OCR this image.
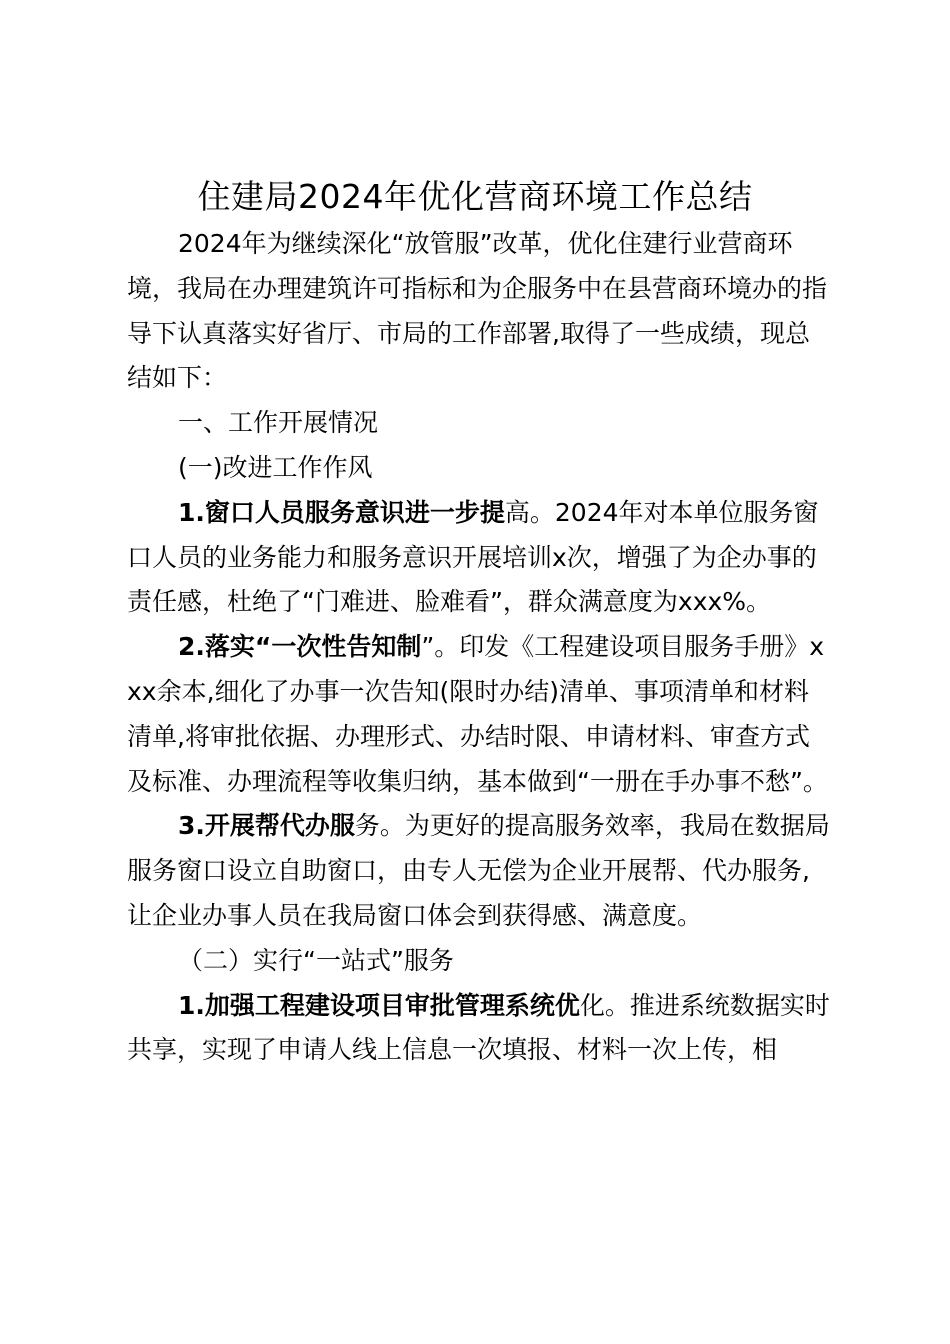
住建局2024年优化营商环境工作总结

2024年为继续深化“放管服”改革，优化住建行业营商环境，我局在办理建筑许可指标和为企服务中在县营商环境办的指导下认真落实好省厅、市局的工作部署,取得了一些成绩，现总结如下：

一、工作开展情况

(一)改进工作作风

1.窗口人员服务意识进一步提高。2024年对本单位服务窗口人员的业务能力和服务意识开展培训x次，增强了为企办事的责任感，杜绝了“门难进、脸难看”，群众满意度为xxx%。

2.落实“一次性告知制”。印发《工程建设项目服务手册》xxx余本,细化了办事一次告知(限时办结)清单、事项清单和材料清单,将审批依据、办理形式、办结时限、申请材料、审查方式及标准、办理流程等收集归纳，基本做到“一册在手办事不愁”。

3.开展帮代办服务。为更好的提高服务效率，我局在数据局服务窗口设立自助窗口，由专人无偿为企业开展帮、代办服务,让企业办事人员在我局窗口体会到获得感、满意度。

（二）实行“一站式”服务

1.加强工程建设项目审批管理系统优化。推进系统数据实时共享，实现了申请人线上信息一次填报、材料一次上传，相
